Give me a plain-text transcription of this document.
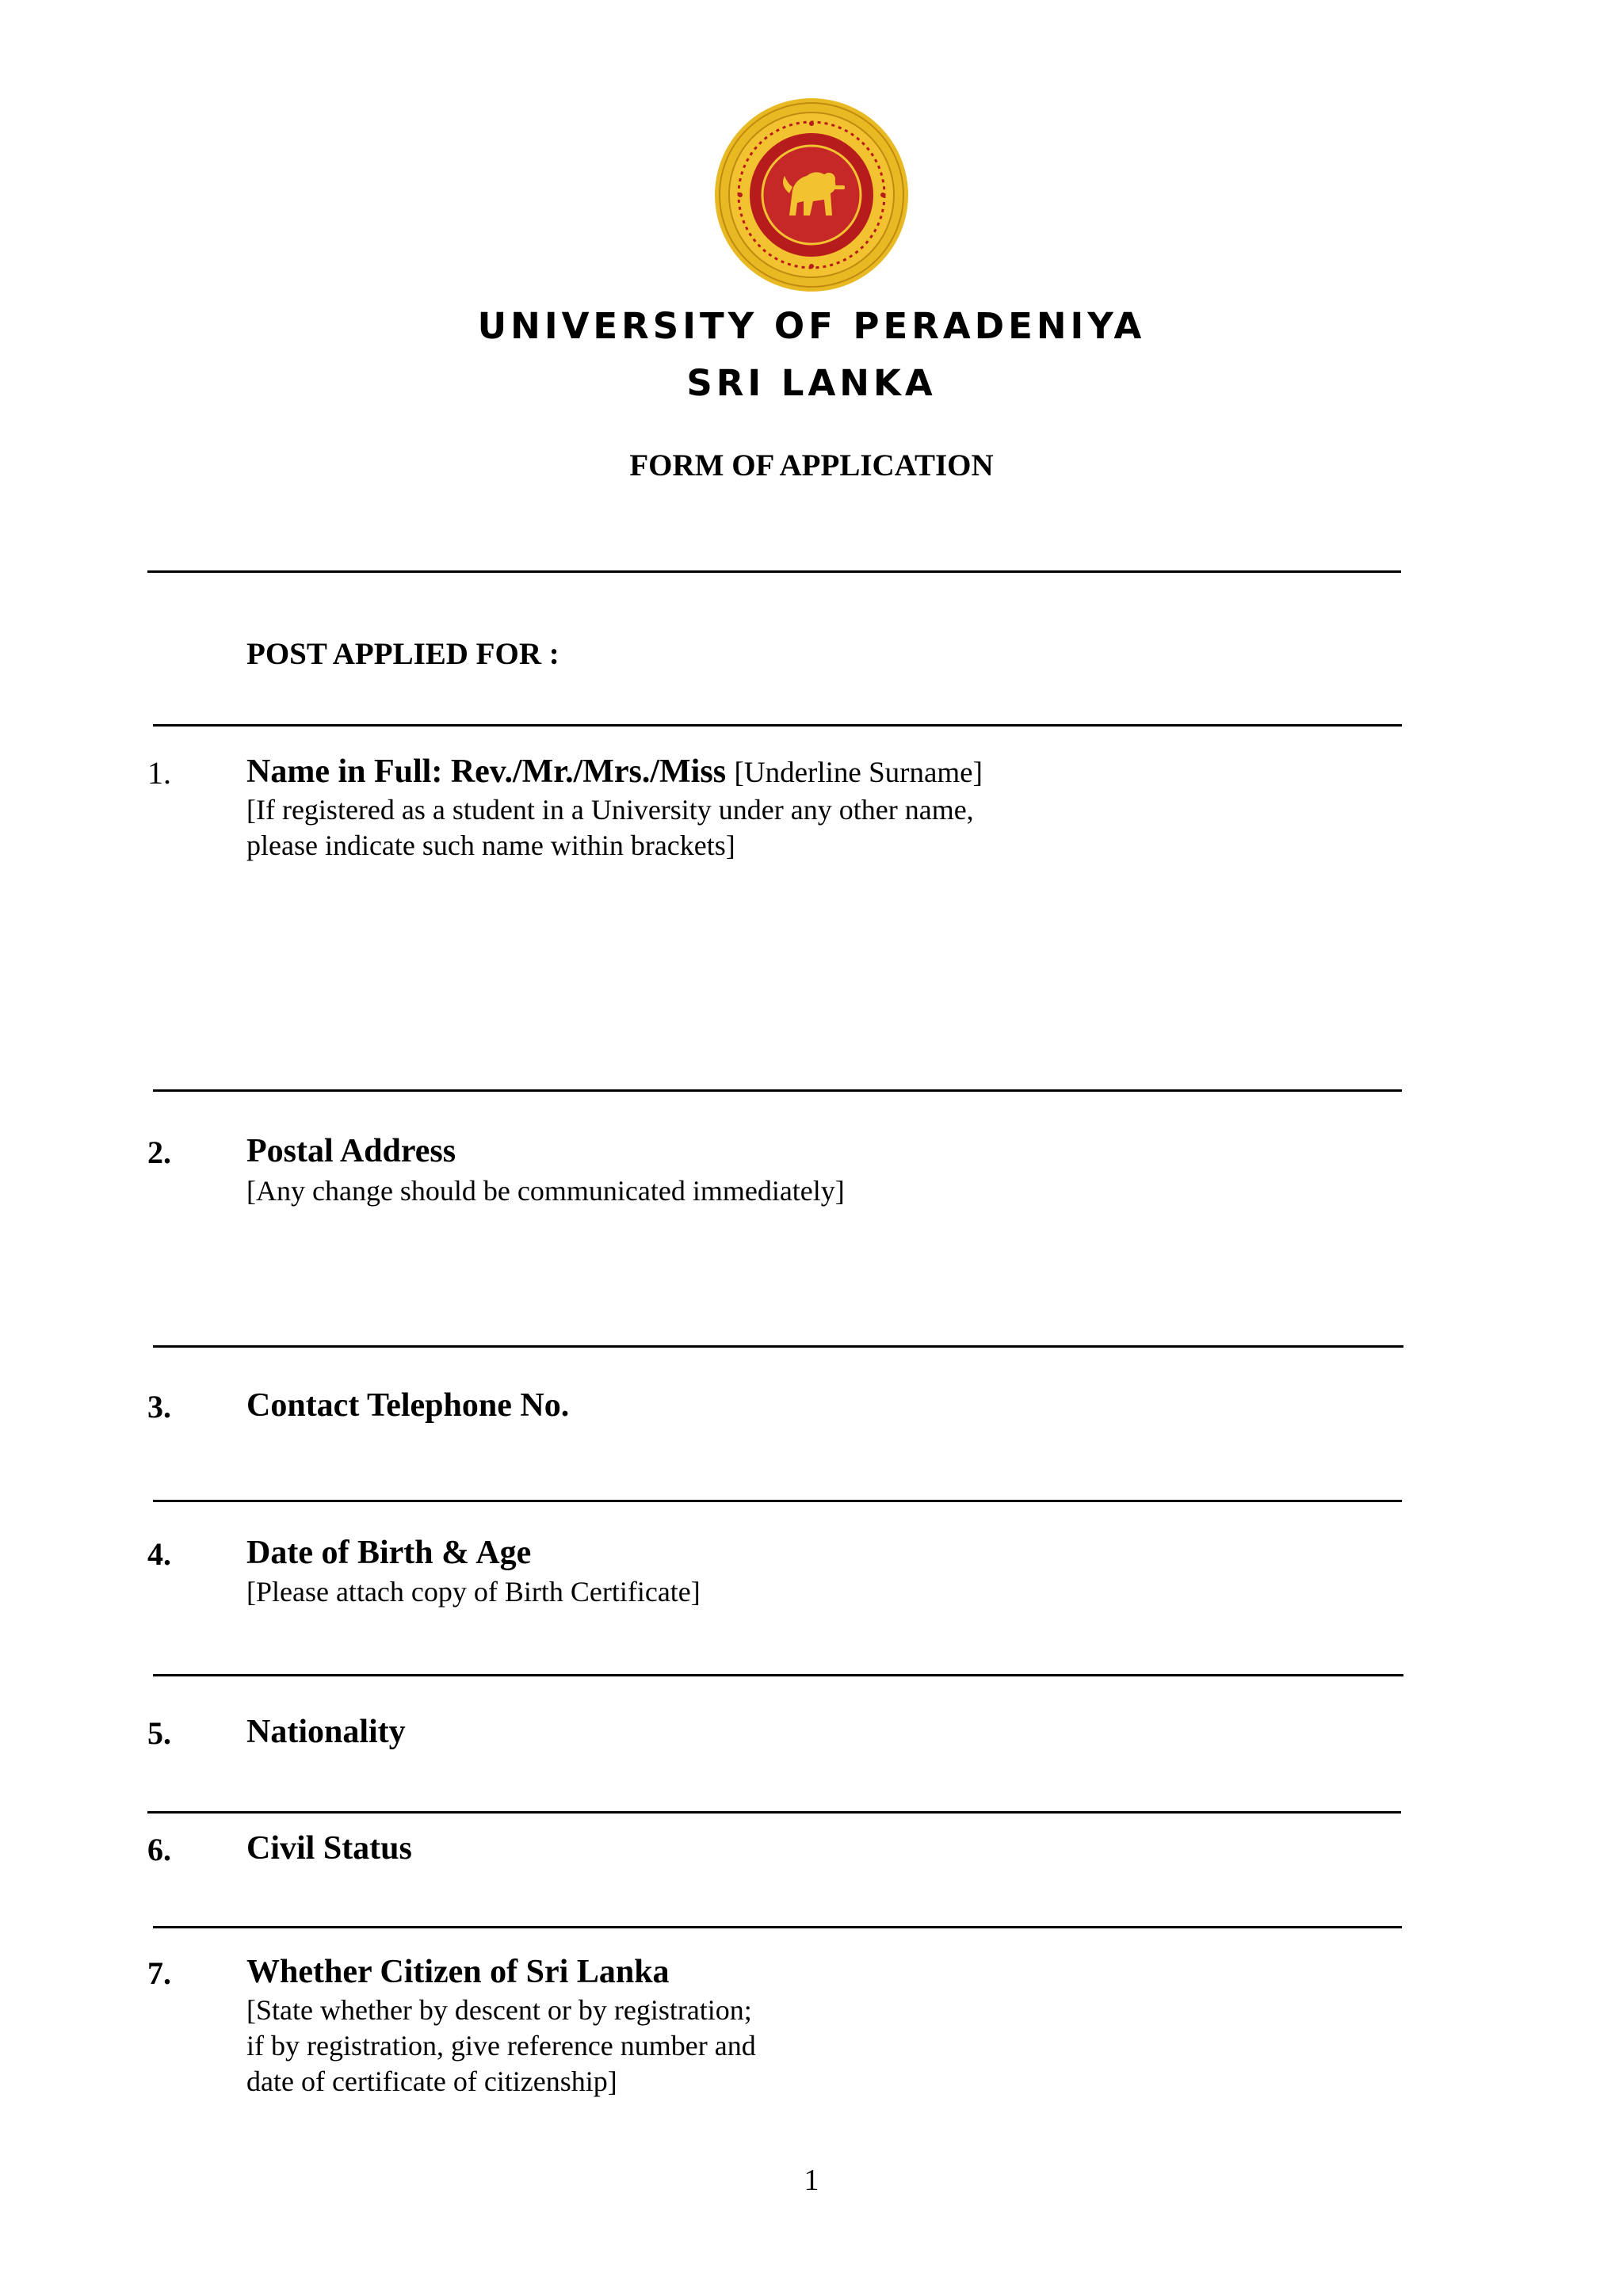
UNIVERSITY OF PERADENIYA
SRI LANKA
FORM OF APPLICATION
POST APPLIED FOR :
1. Name in Full: Rev./Mr./Mrs./Miss [Underline Surname]
[If registered as a student in a University under any other name,
please indicate such name within brackets]
2. Postal Address
[Any change should be communicated immediately]
3. Contact Telephone No.
4. Date of Birth & Age
[Please attach copy of Birth Certificate]
5. Nationality
6. Civil Status
7. Whether Citizen of Sri Lanka
[State whether by descent or by registration;
if by registration, give reference number and
date of certificate of citizenship]
1
